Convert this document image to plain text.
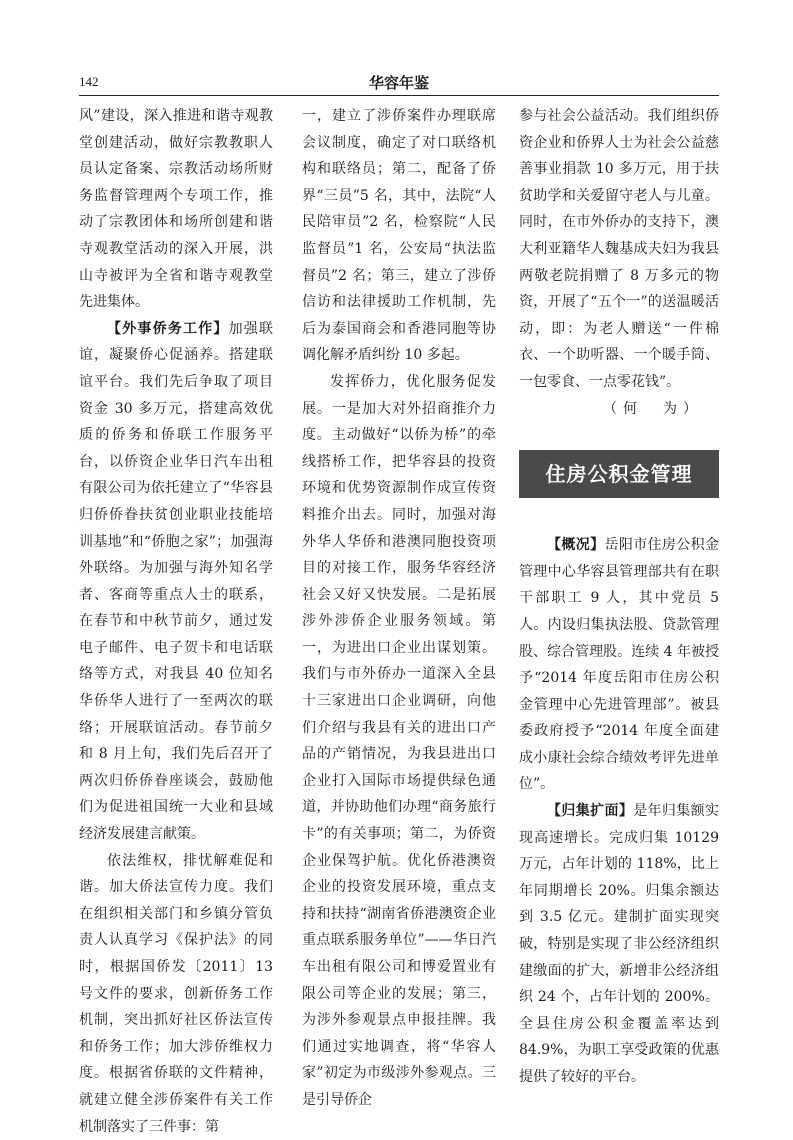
142	华容年鉴

风”建设，深入推进和谐寺观教堂创建活动，做好宗教教职人员认定备案、宗教活动场所财务监督管理两个专项工作，推动了宗教团体和场所创建和谐寺观教堂活动的深入开展，洪山寺被评为全省和谐寺观教堂先进集体。

【外事侨务工作】加强联谊，凝聚侨心促涵养。搭建联谊平台。我们先后争取了项目资金 30 多万元，搭建高效优质的侨务和侨联工作服务平台，以侨资企业华日汽车出租有限公司为依托建立了“华容县归侨侨眷扶贫创业职业技能培训基地”和“侨胞之家”；加强海外联络。为加强与海外知名学者、客商等重点人士的联系，在春节和中秋节前夕，通过发电子邮件、电子贺卡和电话联络等方式，对我县 40 位知名华侨华人进行了一至两次的联络；开展联谊活动。春节前夕和 8 月上旬，我们先后召开了两次归侨侨眷座谈会，鼓励他们为促进祖国统一大业和县域经济发展建言献策。

依法维权，排忧解难促和谐。加大侨法宣传力度。我们在组织相关部门和乡镇分管负责人认真学习《保护法》的同时，根据国侨发〔2011〕13 号文件的要求，创新侨务工作机制，突出抓好社区侨法宣传和侨务工作；加大涉侨维权力度。根据省侨联的文件精神，就建立健全涉侨案件有关工作机制落实了三件事：第

一，建立了涉侨案件办理联席会议制度，确定了对口联络机构和联络员；第二，配备了侨界“三员”5 名，其中，法院“人民陪审员”2 名，检察院“人民监督员”1 名，公安局“执法监督员”2 名；第三，建立了涉侨信访和法律援助工作机制，先后为泰国商会和香港同胞等协调化解矛盾纠纷 10 多起。

发挥侨力，优化服务促发展。一是加大对外招商推介力度。主动做好“以侨为桥”的牵线搭桥工作，把华容县的投资环境和优势资源制作成宣传资料推介出去。同时，加强对海外华人华侨和港澳同胞投资项目的对接工作，服务华容经济社会又好又快发展。二是拓展涉外涉侨企业服务领域。第一，为进出口企业出谋划策。我们与市外侨办一道深入全县十三家进出口企业调研，向他们介绍与我县有关的进出口产品的产销情况，为我县进出口企业打入国际市场提供绿色通道，并协助他们办理“商务旅行卡”的有关事项；第二，为侨资企业保驾护航。优化侨港澳资企业的投资发展环境，重点支持和扶持“湖南省侨港澳资企业重点联系服务单位”——华日汽车出租有限公司和博爱置业有限公司等企业的发展；第三，为涉外参观景点申报挂牌。我们通过实地调查，将“华容人家”初定为市级涉外参观点。三是引导侨企

参与社会公益活动。我们组织侨资企业和侨界人士为社会公益慈善事业捐款 10 多万元，用于扶贫助学和关爱留守老人与儿童。同时，在市外侨办的支持下，澳大利亚籍华人魏基成夫妇为我县两敬老院捐赠了 8 万多元的物资，开展了“五个一”的送温暖活动，即：为老人赠送“一件棉衣、一个助听器、一个暖手筒、一包零食、一点零花钱”。

（何　为）
住房公积金管理

【概况】岳阳市住房公积金管理中心华容县管理部共有在职干部职工 9 人，其中党员 5 人。内设归集执法股、贷款管理股、综合管理股。连续 4 年被授予“2014 年度岳阳市住房公积金管理中心先进管理部”。被县委政府授予“2014 年度全面建成小康社会综合绩效考评先进单位”。

【归集扩面】是年归集额实现高速增长。完成归集 10129 万元，占年计划的 118%，比上年同期增长 20%。归集余额达到 3.5 亿元。建制扩面实现突破，特别是实现了非公经济组织建缴面的扩大，新增非公经济组织 24 个，占年计划的 200%。全县住房公积金覆盖率达到 84.9%，为职工享受政策的优惠提供了较好的平台。
